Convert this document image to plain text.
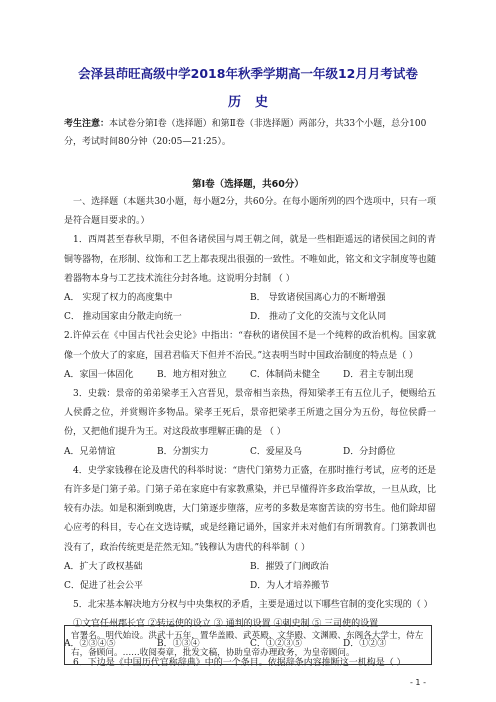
会泽县茚旺高级中学2018年秋季学期高一年级12月月考试卷
历史
考生注意：本试卷分第Ⅰ卷（选择题）和第Ⅱ卷（非选择题）两部分，共33个小题，总分100分，考试时间80分钟（20:05—21:25）。
第Ⅰ卷（选择题，共60分）

一、选择题（本题共30小题，每小题2分，共60分。在每小题所列的四个选项中，只有一项是符合题目要求的。）

1．西周甚至春秋早期，不但各诸侯国与周王朝之间，就是一些相距遥远的诸侯国之间的青铜等器物，在形制、纹饰和工艺上都表现出很强的一致性。不唯如此，铭文和文字制度等也随着器物本身与工艺技术流往分封各地。这说明分封制 （ ）

A． 实现了权力的高度集中	B． 导致诸侯国离心力的不断增强
C． 推动国家由分散走向统一	D． 推动了文化的交流与文化认同

2.许倬云在《中国古代社会史论》中指出：“春秋的诸侯国不是一个纯粹的政治机构。国家就像一个放大了的家庭，国君君临天下但并不治民。”这表明当时中国政治制度的特点是（ ）

A．家国一体固化	B．地方相对独立	C．体制尚未健全	D．君主专制出现

3．史载：景帝的弟弟梁孝王入宫晋见，景帝相当亲热，得知梁孝王有五位儿子，便赐给五人侯爵之位，并赏赐许多物品。梁孝王死后，景帝把梁孝王所遗之国分为五份，每位侯爵一份，又把他们提升为王。对这段故事理解正确的是 （ ）

A．兄弟情谊	B．分割实力	C．爱屋及乌	D．分封爵位

4．史学家钱穆在论及唐代的科举时说：“唐代门第势力正盛，在那时推行考试，应考的还是有许多是门第子弟。门第子弟在家庭中有家教熏染，并已早懂得许多政治掌故，一旦从政，比较有办法。如是积渐到晚唐，大门第逐步堕落，应考的多数是寒窗苦读的穷书生。他们除却留心应考的科目，专心在文选诗赋，或是经籍记诵外，国家并未对他们有所谓教育。门第教训也没有了，政治传统更是茫然无知。”钱穆认为唐代的科举制（ ）

A．扩大了政权基础	B．摧毁了门阀政治
C．促进了社会公平	D．为人才培养搬节

5．北宋基本解决地方分权与中央集权的矛盾，主要是通过以下哪些官制的变化实现的（ ）

①文官任州郡长官 ②转运使的设立 ③ 通判的设置 ④刺史制 ⑤ 三司使的设置

A．②③④⑤	B．①③④	C．①②③⑤	D．①②③

6．下边是《中国历代官称辞典》中的一个条目。依据辞条内容推断这一机构是（ ）

官署名。明代始设。洪武十五年，置华盖殿、武英殿、文华殿、文渊殿、东阁各大学士，侍左右，备顾问。……收阅奏章，批发文稿，协助皇帝办理政务，为皇帝顾问。
- 1 -
